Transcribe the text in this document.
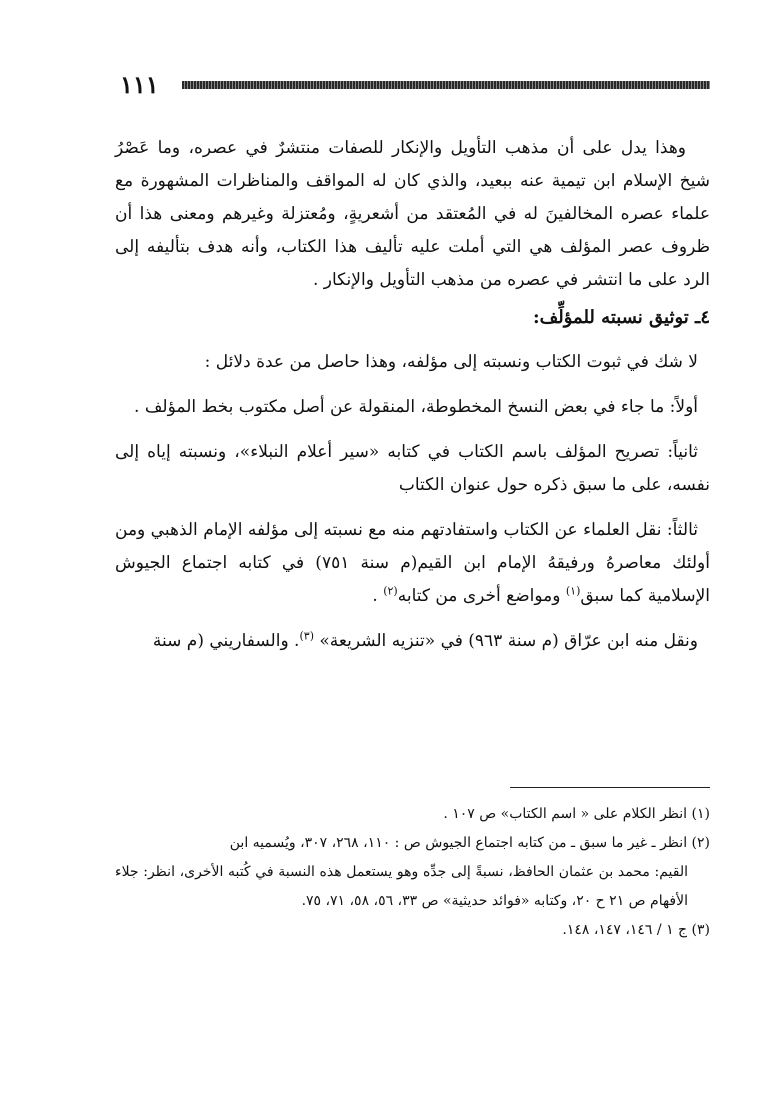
١١١

وهذا يدل على أن مذهب التأويل والإنكار للصفات منتشرٌ في عصره، وما عَصْرُ شيخ الإسلام ابن تيمية عنه ببعيد، والذي كان له المواقف والمناظرات المشهورة مع علماء عصره المخالفينَ له في المُعتقد من أشعريةٍ، ومُعتزلة وغيرهم ومعنى هذا أن ظروف عصر المؤلف هي التي أملت عليه تأليف هذا الكتاب، وأنه هدف بتأليفه إلى الرد على ما انتشر في عصره من مذهب التأويل والإنكار .

٤ـ توثيق نسبته للمؤلِّف:

لا شك في ثبوت الكتاب ونسبته إلى مؤلفه، وهذا حاصل من عدة دلائل :

أولاً: ما جاء في بعض النسخ المخطوطة، المنقولة عن أصل مكتوب بخط المؤلف .

ثانياً: تصريح المؤلف باسم الكتاب في كتابه «سير أعلام النبلاء»، ونسبته إياه إلى نفسه، على ما سبق ذكره حول عنوان الكتاب

ثالثاً: نقل العلماء عن الكتاب واستفادتهم منه مع نسبته إلى مؤلفه الإمام الذهبي ومن أولئك معاصرهُ ورفيقهُ الإمام ابن القيم(م سنة ٧٥١) في كتابه اجتماع الجيوش الإسلامية كما سبق$^{(١)}$ ومواضع أخرى من كتابه$^{(٢)}$ .

ونقل منه ابن عرّاق (م سنة ٩٦٣) في «تنزيه الشريعة» $^{(٣)}$. والسفاريني (م سنة

(١) انظر الكلام على « اسم الكتاب» ص ١٠٧ .

(٢) انظر ـ غير ما سبق ـ من كتابه اجتماع الجيوش ص : ١١٠، ٢٦٨، ٣٠٧، ويُسميه ابن

القيم: محمد بن عثمان الحافظ، نسبةً إلى جدِّه وهو يستعمل هذه النسبة في كُتبه الأخرى، انظر: جلاء الأفهام ص ٢١ ح ٢٠، وكتابه «فوائد حديثية» ص ٣٣، ٥٦، ٥٨، ٧١، ٧٥.

(٣) ج ١ / ١٤٦، ١٤٧، ١٤٨.
